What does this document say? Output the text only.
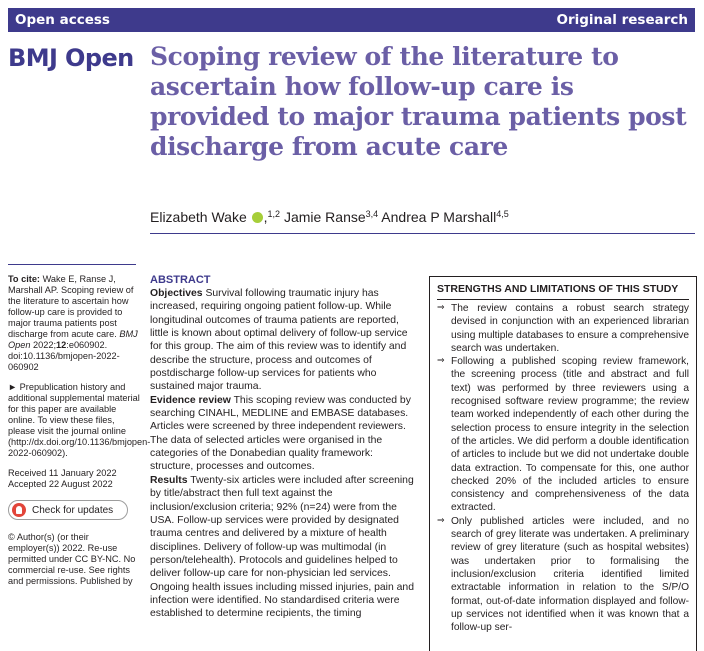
Open access	Original research
BMJ Open Scoping review of the literature to ascertain how follow-up care is provided to major trauma patients post discharge from acute care
Elizabeth Wake ,$^{1,2}$ Jamie Ranse$^{3,4}$ Andrea P Marshall$^{4,5}$

To cite: Wake E, Ranse J, Marshall AP. Scoping review of the literature to ascertain how follow-up care is provided to major trauma patients post discharge from acute care. BMJ Open 2022;12:e060902. doi:10.1136/bmjopen-2022-060902

► Prepublication history and additional supplemental material for this paper are available online. To view these files, please visit the journal online (http://dx.doi.org/10.1136/bmjopen-2022-060902).

Received 11 January 2022
Accepted 22 August 2022

Check for updates

© Author(s) (or their employer(s)) 2022. Re-use permitted under CC BY-NC. No commercial re-use. See rights and permissions. Published by

ABSTRACT

Objectives Survival following traumatic injury has increased, requiring ongoing patient follow-up. While longitudinal outcomes of trauma patients are reported, little is known about optimal delivery of follow-up service for this group. The aim of this review was to identify and describe the structure, process and outcomes of postdischarge follow-up services for patients who sustained major trauma.

Evidence review This scoping review was conducted by searching CINAHL, MEDLINE and EMBASE databases. Articles were screened by three independent reviewers. The data of selected articles were organised in the categories of the Donabedian quality framework: structure, processes and outcomes.

Results Twenty-six articles were included after screening by title/abstract then full text against the inclusion/exclusion criteria; 92% (n=24) were from the USA. Follow-up services were provided by designated trauma centres and delivered by a mixture of health disciplines. Delivery of follow-up was multimodal (in person/telehealth). Protocols and guidelines helped to deliver follow-up care for non-physician led services.

Ongoing health issues including missed injuries, pain and infection were identified. No standardised criteria were established to determine recipients, the timing

STRENGTHS AND LIMITATIONS OF THIS STUDY
⇒ The review contains a robust search strategy devised in conjunction with an experienced librarian using multiple databases to ensure a comprehensive search was undertaken.
⇒ Following a published scoping review framework, the screening process (title and abstract and full text) was performed by three reviewers using a recognised software review programme; the review team worked independently of each other during the selection process to ensure integrity in the selection of the articles. We did perform a double identification of articles to include but we did not undertake double data extraction. To compensate for this, one author checked 20% of the included articles to ensure consistency and comprehensiveness of the data extracted.
⇒ Only published articles were included, and no search of grey literate was undertaken. A preliminary review of grey literature (such as hospital websites) was undertaken prior to formalising the inclusion/exclusion criteria identified limited extractable information in relation to the S/P/O format, out-of-date information displayed and follow-up services not identified when it was known that a follow-up ser-
